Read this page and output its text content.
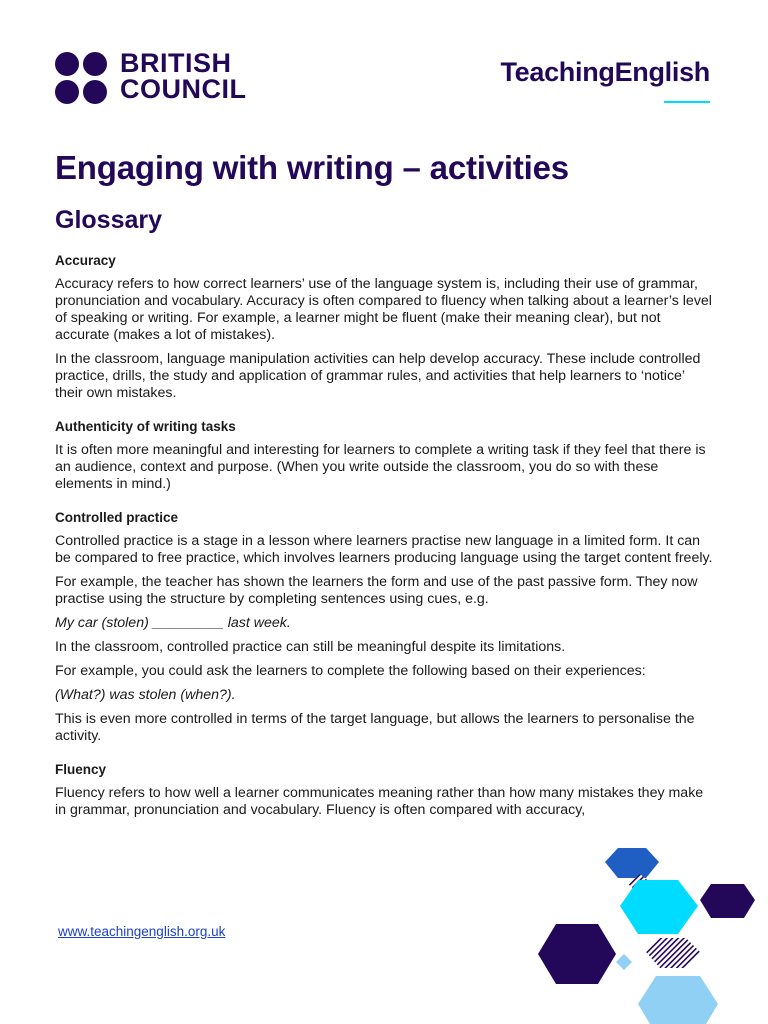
BRITISH
COUNCIL
TeachingEnglish
Engaging with writing – activities
Glossary
Accuracy

Accuracy refers to how correct learners’ use of the language system is, including their use of grammar, pronunciation and vocabulary. Accuracy is often compared to fluency when talking about a learner’s level of speaking or writing. For example, a learner might be fluent (make their meaning clear), but not accurate (makes a lot of mistakes).

In the classroom, language manipulation activities can help develop accuracy. These include controlled practice, drills, the study and application of grammar rules, and activities that help learners to ‘notice’ their own mistakes.

Authenticity of writing tasks

It is often more meaningful and interesting for learners to complete a writing task if they feel that there is an audience, context and purpose. (When you write outside the classroom, you do so with these elements in mind.)

Controlled practice

Controlled practice is a stage in a lesson where learners practise new language in a limited form. It can be compared to free practice, which involves learners producing language using the target content freely.

For example, the teacher has shown the learners the form and use of the past passive form. They now practise using the structure by completing sentences using cues, e.g.

My car (stolen) _________ last week.

In the classroom, controlled practice can still be meaningful despite its limitations.

For example, you could ask the learners to complete the following based on their experiences:

(What?) was stolen (when?).

This is even more controlled in terms of the target language, but allows the learners to personalise the activity.

Fluency

Fluency refers to how well a learner communicates meaning rather than how many mistakes they make in grammar, pronunciation and vocabulary. Fluency is often compared with accuracy,

www.teachingenglish.org.uk
